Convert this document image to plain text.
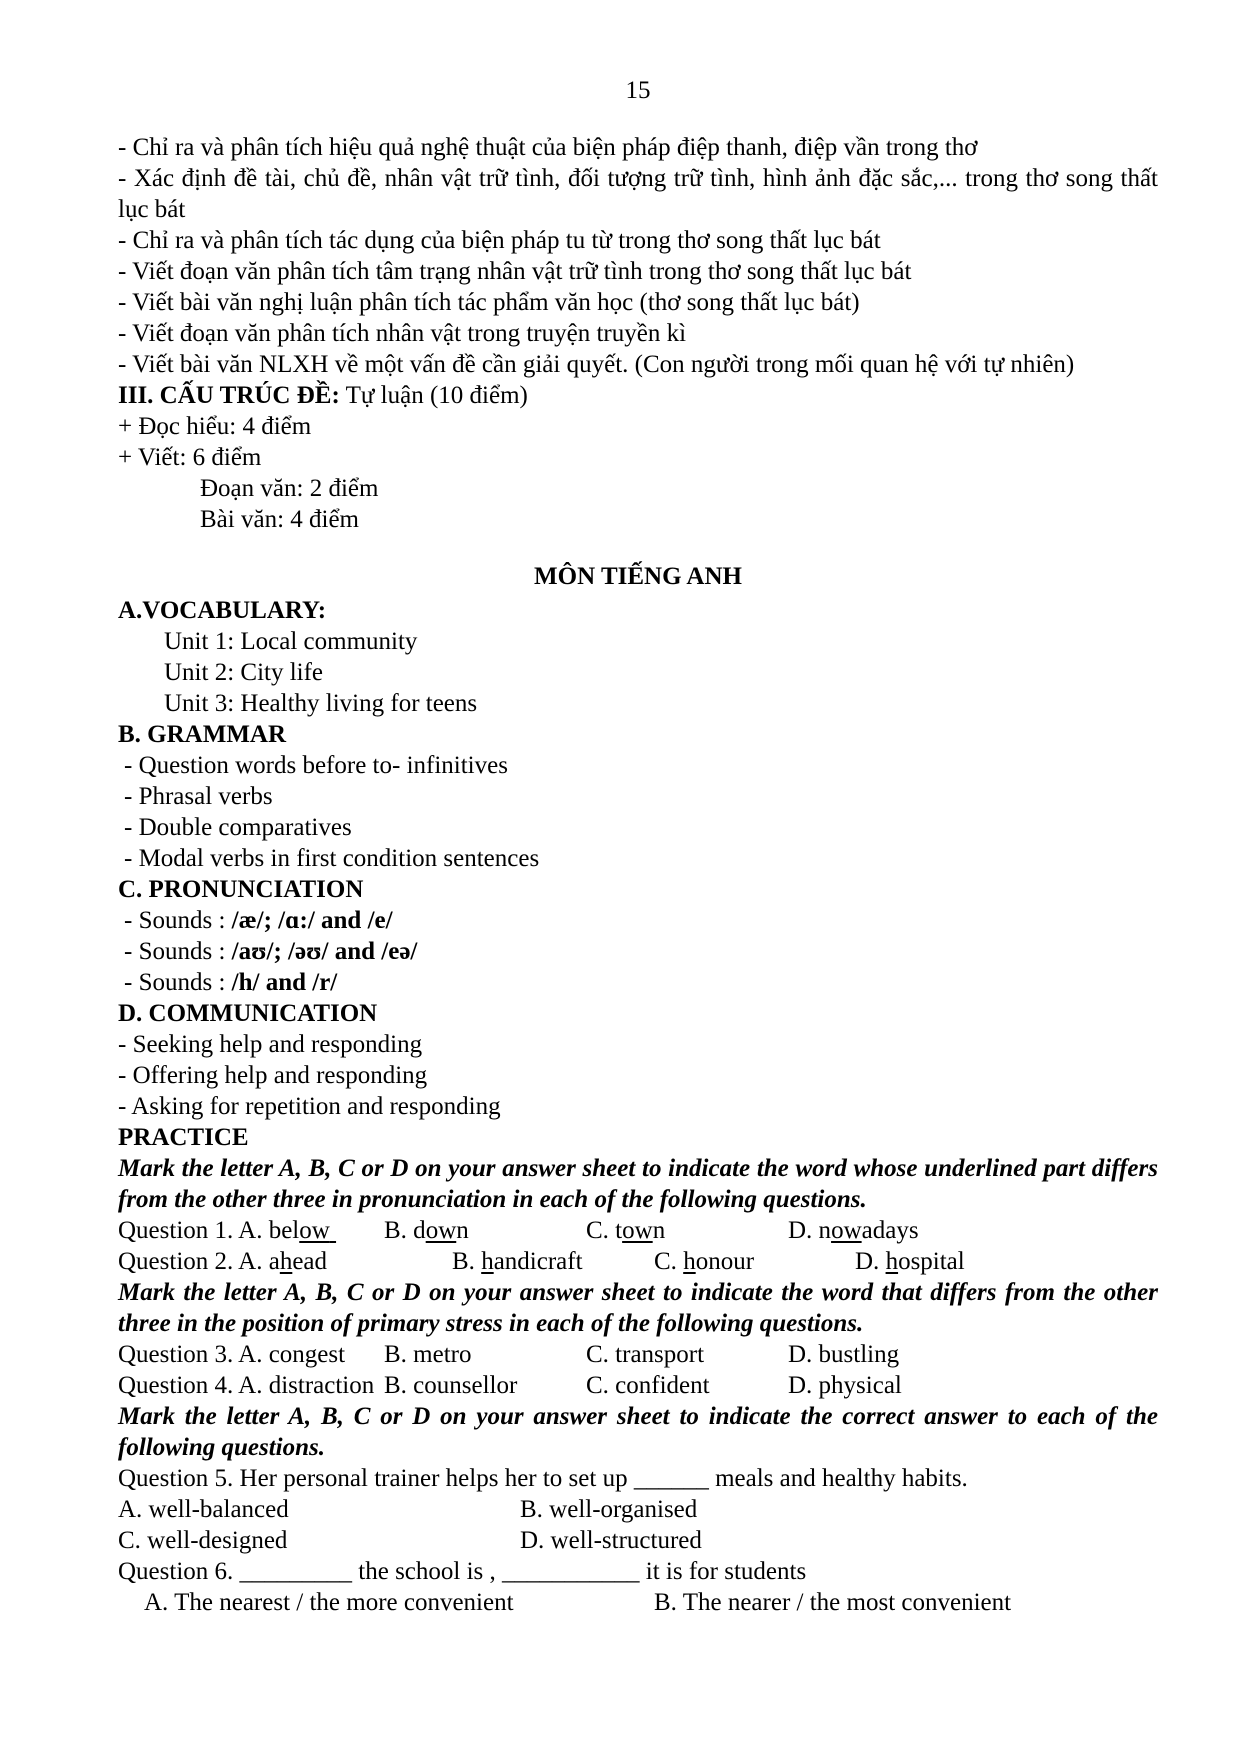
15
- Chỉ ra và phân tích hiệu quả nghệ thuật của biện pháp điệp thanh, điệp vần trong thơ
- Xác định đề tài, chủ đề, nhân vật trữ tình, đối tượng trữ tình, hình ảnh đặc sắc,... trong thơ song thất lục bát
- Chỉ ra và phân tích tác dụng của biện pháp tu từ trong thơ song thất lục bát
- Viết đoạn văn phân tích tâm trạng nhân vật trữ tình trong thơ song thất lục bát
- Viết bài văn nghị luận phân tích tác phẩm văn học (thơ song thất lục bát)
- Viết đoạn văn phân tích nhân vật trong truyện truyền kì
- Viết bài văn NLXH về một vấn đề cần giải quyết. (Con người trong mối quan hệ với tự nhiên)
III. CẤU TRÚC ĐỀ: Tự luận (10 điểm)
+ Đọc hiểu: 4 điểm
+ Viết: 6 điểm
Đoạn văn: 2 điểm
Bài văn: 4 điểm
MÔN TIẾNG ANH
A.VOCABULARY:
Unit 1: Local community
Unit 2: City life
Unit 3: Healthy living for teens
B. GRAMMAR
- Question words before to- infinitives
- Phrasal verbs
- Double comparatives
- Modal verbs in first condition sentences
C. PRONUNCIATION
- Sounds : /æ/; /ɑ:/ and /e/
- Sounds : /aʊ/; /əʊ/ and /eə/
- Sounds : /h/ and /r/
D. COMMUNICATION
- Seeking help and responding
- Offering help and responding
- Asking for repetition and responding
PRACTICE
Mark the letter A, B, C or D on your answer sheet to indicate the word whose underlined part differs from the other three in pronunciation in each of the following questions.
Question 1. A. below B. down	C. town	D. nowadays
Question 2. A. ahead	B. handicraft	C. honour	D. hospital
Mark the letter A, B, C or D on your answer sheet to indicate the word that differs from the other three in the position of primary stress in each of the following questions.
Question 3. A. congest B. metro	C. transport	D. bustling
Question 4. A. distraction B. counsellor	C. confident	D. physical
Mark the letter A, B, C or D on your answer sheet to indicate the correct answer to each of the following questions.
Question 5. Her personal trainer helps her to set up ______ meals and healthy habits.
A. well-balanced	B. well-organised
C. well-designed	D. well-structured
Question 6. _________ the school is , ___________ it is for students
A. The nearest / the more convenient	B. The nearer / the most convenient
